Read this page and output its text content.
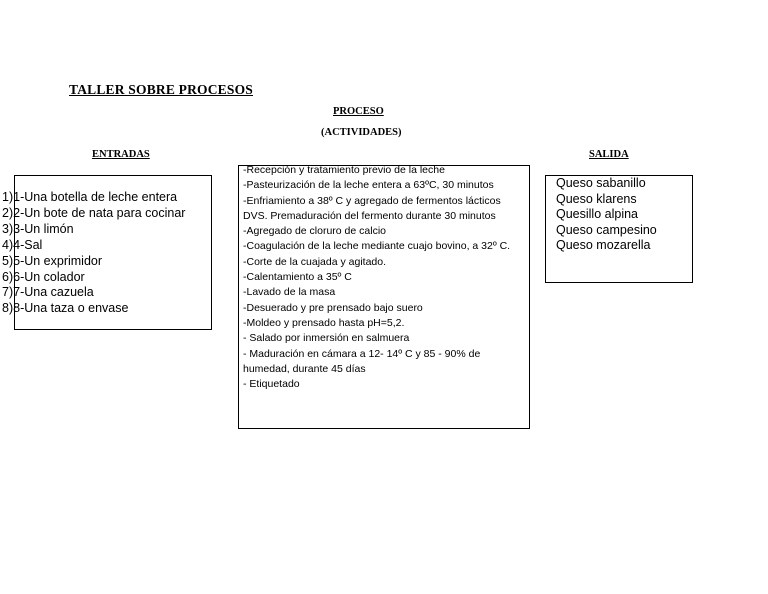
TALLER SOBRE PROCESOS
PROCESO
(ACTIVIDADES)
ENTRADAS	SALIDA
1)1-Una botella de leche entera
2)2-Un bote de nata para cocinar
3)3-Un limón
4)4-Sal
5)5-Un exprimidor
6)6-Un colador
7)7-Una cazuela
8)8-Una taza o envase
-Recepción y tratamiento previo de la leche
-Pasteurización de la leche entera a 63ºC, 30 minutos
-Enfriamiento a 38º C y agregado de fermentos lácticos DVS. Premaduración del fermento durante 30 minutos
-Agregado de cloruro de calcio
-Coagulación de la leche mediante cuajo bovino, a 32º C.
-Corte de la cuajada y agitado.
-Calentamiento a 35º C
-Lavado de la masa
-Desuerado y pre prensado bajo suero
-Moldeo y prensado hasta pH=5,2.
- Salado por inmersión en salmuera
- Maduración en cámara a 12- 14º C y 85 - 90% de humedad, durante 45 días
- Etiquetado
Queso sabanillo
Queso klarens
Quesillo alpina
Queso campesino
Queso mozarella
